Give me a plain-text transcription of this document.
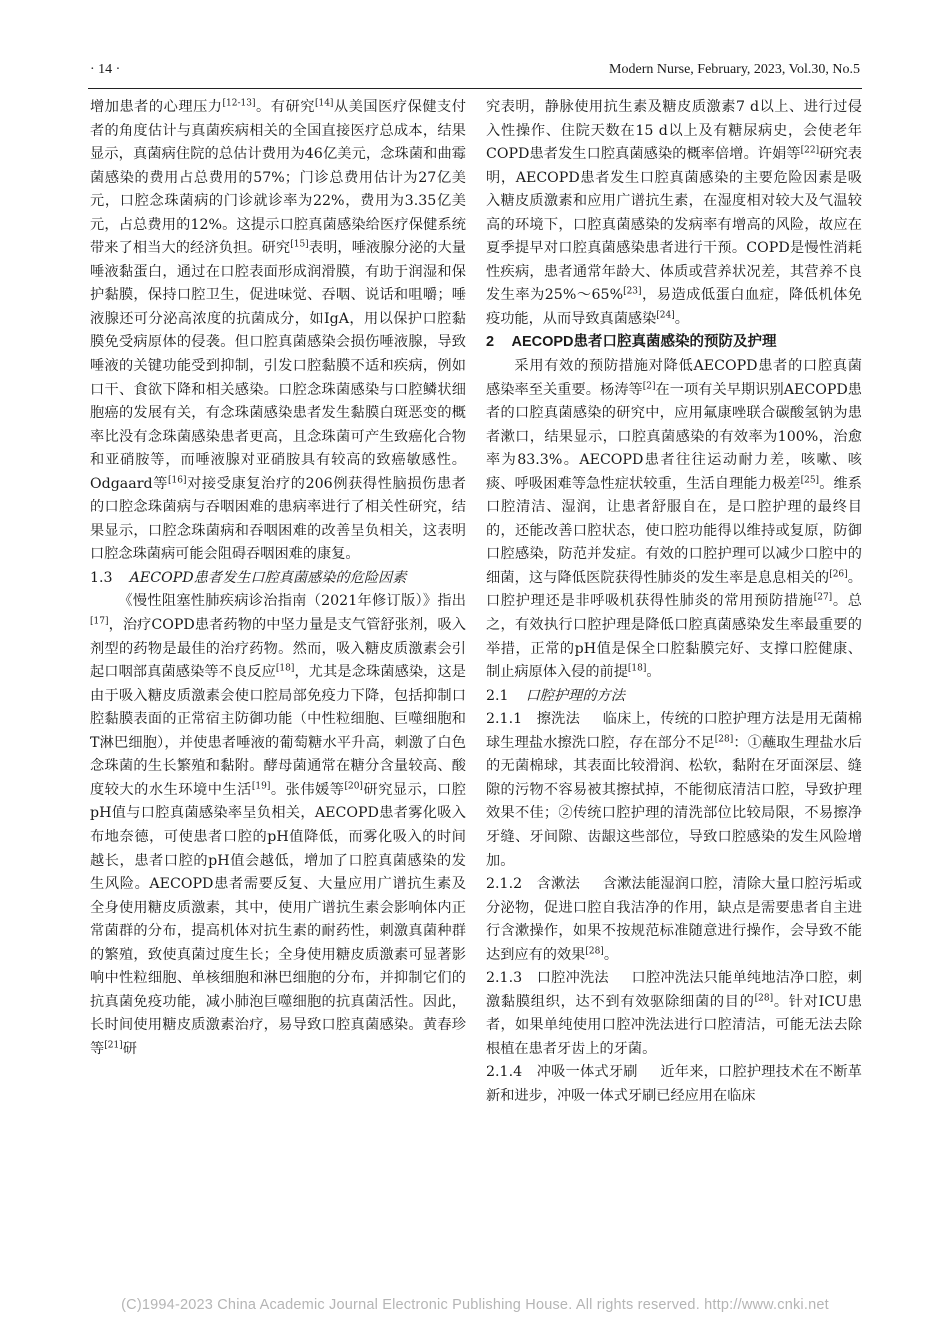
· 14 ·	Modern Nurse, February, 2023, Vol.30, No.5

增加患者的心理压力[12-13]。有研究[14]从美国医疗保健支付者的角度估计与真菌疾病相关的全国直接医疗总成本，结果显示，真菌病住院的总估计费用为46亿美元，念珠菌和曲霉菌感染的费用占总费用的57%；门诊总费用估计为27亿美元，口腔念珠菌病的门诊就诊率为22%，费用为3.35亿美元，占总费用的12%。这提示口腔真菌感染给医疗保健系统带来了相当大的经济负担。研究[15]表明，唾液腺分泌的大量唾液黏蛋白，通过在口腔表面形成润滑膜，有助于润湿和保护黏膜，保持口腔卫生，促进味觉、吞咽、说话和咀嚼；唾液腺还可分泌高浓度的抗菌成分，如IgA，用以保护口腔黏膜免受病原体的侵袭。但口腔真菌感染会损伤唾液腺，导致唾液的关键功能受到抑制，引发口腔黏膜不适和疾病，例如口干、食欲下降和相关感染。口腔念珠菌感染与口腔鳞状细胞癌的发展有关，有念珠菌感染患者发生黏膜白斑恶变的概率比没有念珠菌感染患者更高，且念珠菌可产生致癌化合物和亚硝胺等，而唾液腺对亚硝胺具有较高的致癌敏感性。Odgaard等[16]对接受康复治疗的206例获得性脑损伤患者的口腔念珠菌病与吞咽困难的患病率进行了相关性研究，结果显示，口腔念珠菌病和吞咽困难的改善呈负相关，这表明口腔念珠菌病可能会阻碍吞咽困难的康复。

1.3 AECOPD患者发生口腔真菌感染的危险因素

《慢性阻塞性肺疾病诊治指南（2021年修订版）》指出[17]，治疗COPD患者药物的中坚力量是支气管舒张剂，吸入剂型的药物是最佳的治疗药物。然而，吸入糖皮质激素会引起口咽部真菌感染等不良反应[18]，尤其是念珠菌感染，这是由于吸入糖皮质激素会使口腔局部免疫力下降，包括抑制口腔黏膜表面的正常宿主防御功能（中性粒细胞、巨噬细胞和T淋巴细胞），并使患者唾液的葡萄糖水平升高，刺激了白色念珠菌的生长繁殖和黏附。酵母菌通常在糖分含量较高、酸度较大的水生环境中生活[19]。张伟媛等[20]研究显示，口腔pH值与口腔真菌感染率呈负相关，AECOPD患者雾化吸入布地奈德，可使患者口腔的pH值降低，而雾化吸入的时间越长，患者口腔的pH值会越低，增加了口腔真菌感染的发生风险。AECOPD患者需要反复、大量应用广谱抗生素及全身使用糖皮质激素，其中，使用广谱抗生素会影响体内正常菌群的分布，提高机体对抗生素的耐药性，刺激真菌种群的繁殖，致使真菌过度生长；全身使用糖皮质激素可显著影响中性粒细胞、单核细胞和淋巴细胞的分布，并抑制它们的抗真菌免疫功能，减小肺泡巨噬细胞的抗真菌活性。因此，长时间使用糖皮质激素治疗，易导致口腔真菌感染。黄春珍等[21]研

究表明，静脉使用抗生素及糖皮质激素7 d以上、进行过侵入性操作、住院天数在15 d以上及有糖尿病史，会使老年COPD患者发生口腔真菌感染的概率倍增。许娟等[22]研究表明，AECOPD患者发生口腔真菌感染的主要危险因素是吸入糖皮质激素和应用广谱抗生素，在湿度相对较大及气温较高的环境下，口腔真菌感染的发病率有增高的风险，故应在夏季提早对口腔真菌感染患者进行干预。COPD是慢性消耗性疾病，患者通常年龄大、体质或营养状况差，其营养不良发生率为25%～65%[23]，易造成低蛋白血症，降低机体免疫功能，从而导致真菌感染[24]。

2 AECOPD患者口腔真菌感染的预防及护理

采用有效的预防措施对降低AECOPD患者的口腔真菌感染率至关重要。杨涛等[2]在一项有关早期识别AECOPD患者的口腔真菌感染的研究中，应用氟康唑联合碳酸氢钠为患者漱口，结果显示，口腔真菌感染的有效率为100%，治愈率为83.3%。AECOPD患者往往运动耐力差，咳嗽、咳痰、呼吸困难等急性症状较重，生活自理能力极差[25]。维系口腔清洁、湿润，让患者舒服自在，是口腔护理的最终目的，还能改善口腔状态，使口腔功能得以维持或复原，防御口腔感染，防范并发症。有效的口腔护理可以减少口腔中的细菌，这与降低医院获得性肺炎的发生率是息息相关的[26]。口腔护理还是非呼吸机获得性肺炎的常用预防措施[27]。总之，有效执行口腔护理是降低口腔真菌感染发生率最重要的举措，正常的pH值是保全口腔黏膜完好、支撑口腔健康、制止病原体入侵的前提[18]。

2.1 口腔护理的方法

2.1.1　擦洗法 临床上，传统的口腔护理方法是用无菌棉球生理盐水擦洗口腔，存在部分不足[28]：①蘸取生理盐水后的无菌棉球，其表面比较滑润、松软，黏附在牙面深层、缝隙的污物不容易被其擦拭掉，不能彻底清洁口腔，导致护理效果不佳；②传统口腔护理的清洗部位比较局限，不易擦净牙缝、牙间隙、齿龈这些部位，导致口腔感染的发生风险增加。

2.1.2　含漱法 含漱法能湿润口腔，清除大量口腔污垢或分泌物，促进口腔自我洁净的作用，缺点是需要患者自主进行含漱操作，如果不按规范标准随意进行操作，会导致不能达到应有的效果[28]。

2.1.3　口腔冲洗法 口腔冲洗法只能单纯地洁净口腔，刺激黏膜组织，达不到有效驱除细菌的目的[28]。针对ICU患者，如果单纯使用口腔冲洗法进行口腔清洁，可能无法去除根植在患者牙齿上的牙菌。

2.1.4　冲吸一体式牙刷 近年来，口腔护理技术在不断革新和进步，冲吸一体式牙刷已经应用在临床

(C)1994-2023 China Academic Journal Electronic Publishing House. All rights reserved. http://www.cnki.net
